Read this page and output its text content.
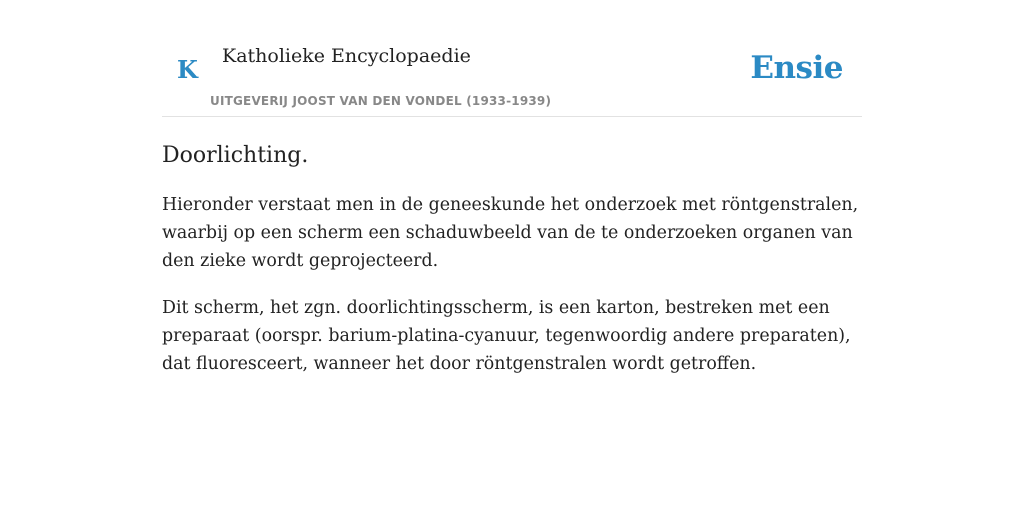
K Katholieke Encyclopaedie
UITGEVERIJ JOOST VAN DEN VONDEL (1933-1939)
Ensie
Doorlichting.

Hieronder verstaat men in de geneeskunde het onderzoek met röntgenstralen, waarbij op een scherm een schaduwbeeld van de te onderzoeken organen van den zieke wordt geprojecteerd.

Dit scherm, het zgn. doorlichtingsscherm, is een karton, bestreken met een preparaat (oorspr. barium-platina-cyanuur, tegenwoordig andere preparaten), dat fluoresceert, wanneer het door röntgenstralen wordt getroffen.
